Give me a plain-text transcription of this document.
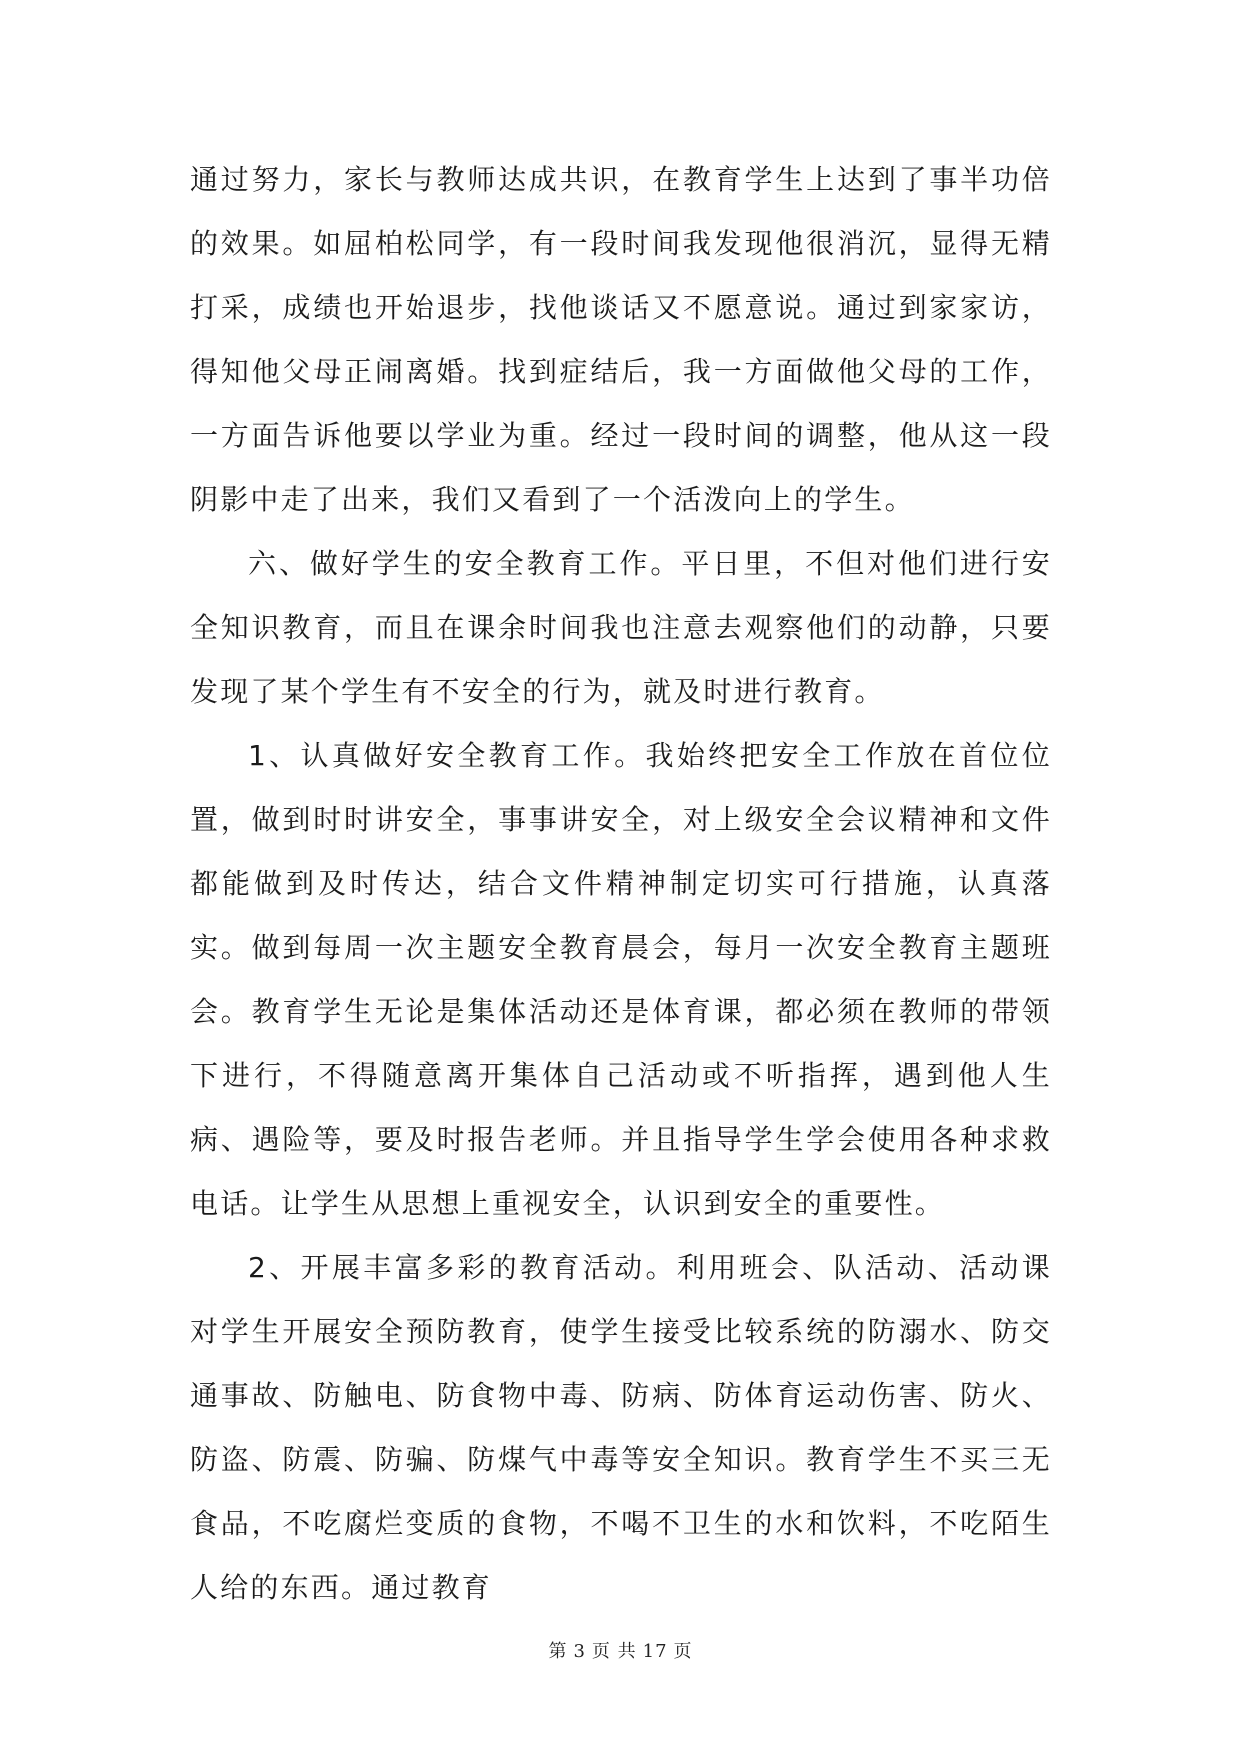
通过努力，家长与教师达成共识，在教育学生上达到了事半功倍的效果。如屈柏松同学，有一段时间我发现他很消沉，显得无精打采，成绩也开始退步，找他谈话又不愿意说。通过到家家访，得知他父母正闹离婚。找到症结后，我一方面做他父母的工作，一方面告诉他要以学业为重。经过一段时间的调整，他从这一段阴影中走了出来，我们又看到了一个活泼向上的学生。

六、做好学生的安全教育工作。平日里，不但对他们进行安全知识教育，而且在课余时间我也注意去观察他们的动静，只要发现了某个学生有不安全的行为，就及时进行教育。

1、认真做好安全教育工作。我始终把安全工作放在首位位置，做到时时讲安全，事事讲安全，对上级安全会议精神和文件都能做到及时传达，结合文件精神制定切实可行措施，认真落实。做到每周一次主题安全教育晨会，每月一次安全教育主题班会。教育学生无论是集体活动还是体育课，都必须在教师的带领下进行，不得随意离开集体自己活动或不听指挥，遇到他人生病、遇险等，要及时报告老师。并且指导学生学会使用各种求救电话。让学生从思想上重视安全，认识到安全的重要性。

2、开展丰富多彩的教育活动。利用班会、队活动、活动课对学生开展安全预防教育，使学生接受比较系统的防溺水、防交通事故、防触电、防食物中毒、防病、防体育运动伤害、防火、防盗、防震、防骗、防煤气中毒等安全知识。教育学生不买三无食品，不吃腐烂变质的食物，不喝不卫生的水和饮料，不吃陌生人给的东西。通过教育

第 3 页 共 17 页
